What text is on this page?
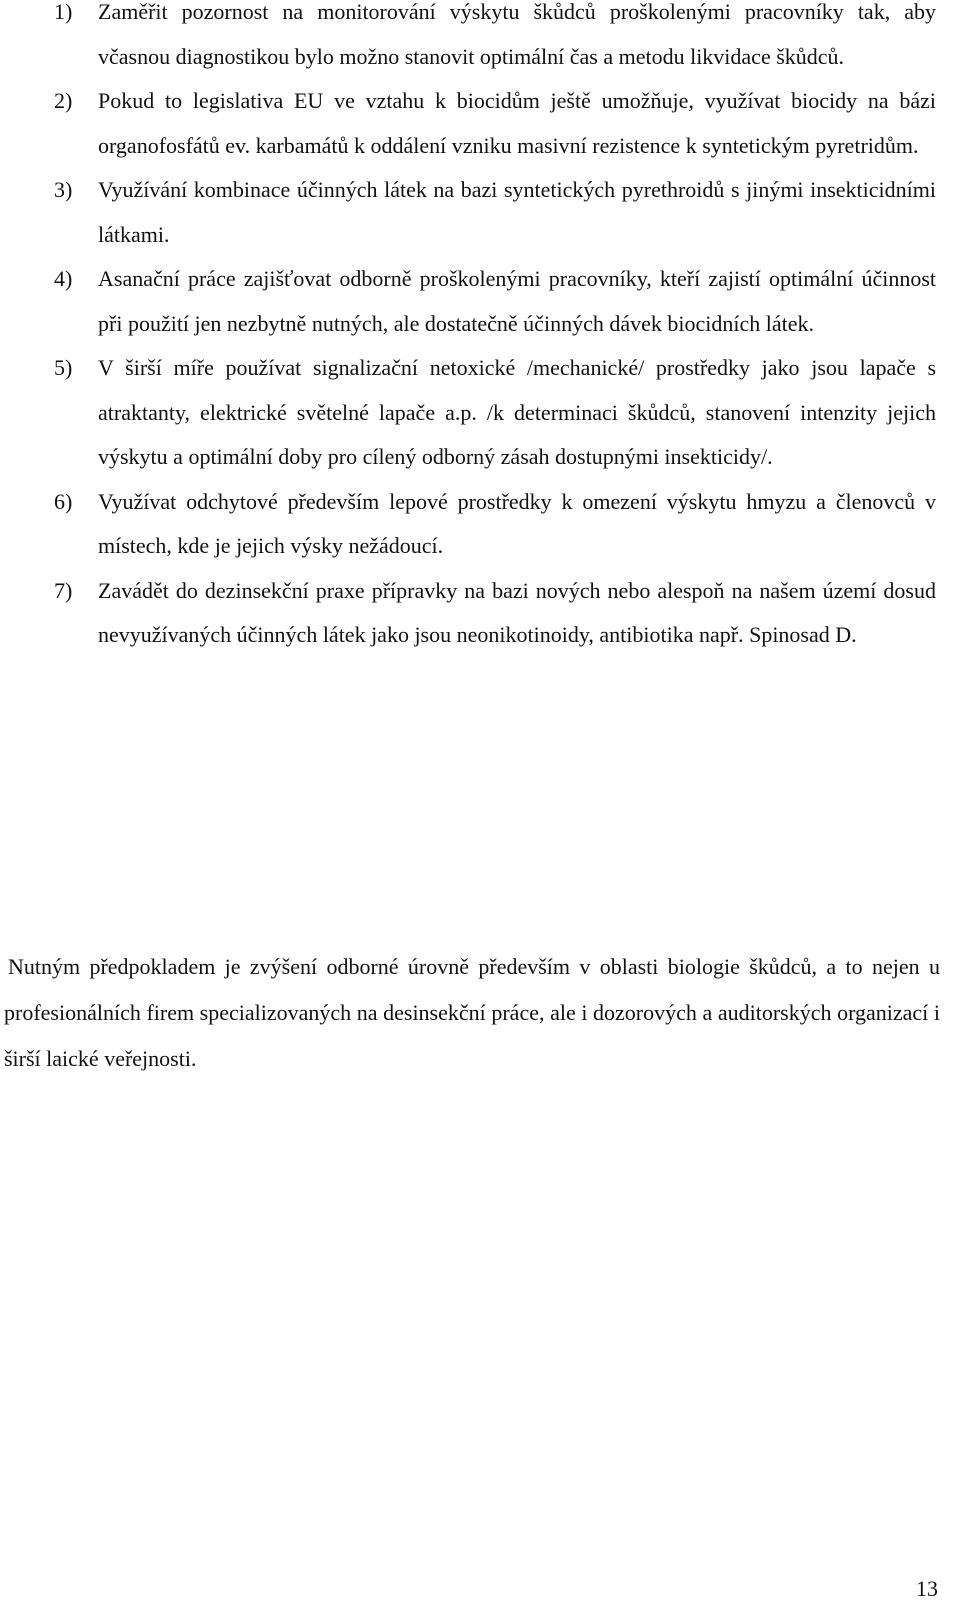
1) Zaměřit pozornost na monitorování výskytu škůdců proškolenými pracovníky tak, aby včasnou diagnostikou bylo možno stanovit optimální čas a metodu likvidace škůdců.
2) Pokud to legislativa EU ve vztahu k biocidům ještě umožňuje, využívat biocidy na bázi organofosfátů ev. karbamátů k oddálení vzniku masivní rezistence k syntetickým pyretridům.
3) Využívání kombinace účinných látek na bazi syntetických pyrethroidů s jinými insekticidními látkami.
4) Asanační práce zajišťovat odborně proškolenými pracovníky, kteří zajistí optimální účinnost při použití jen nezbytně nutných, ale dostatečně účinných dávek biocidních látek.
5) V širší míře používat signalizační netoxické /mechanické/ prostředky jako jsou lapače s atraktanty, elektrické světelné lapače a.p. /k determinaci škůdců, stanovení intenzity jejich výskytu a optimální doby pro cílený odborný zásah dostupnými insekticidy/.
6) Využívat odchytové především lepové prostředky k omezení výskytu hmyzu a členovců v místech, kde je jejich výsky nežádoucí.
7) Zavádět do dezinsekční praxe přípravky na bazi nových nebo alespoň na našem území dosud nevyužívaných účinných látek jako jsou neonikotinoidy, antibiotika např. Spinosad D.

Nutným předpokladem je zvýšení odborné úrovně především v oblasti biologie škůdců, a to nejen u profesionálních firem specializovaných na desinsekční práce, ale i dozorových a auditorských organizací i širší laické veřejnosti.

13
